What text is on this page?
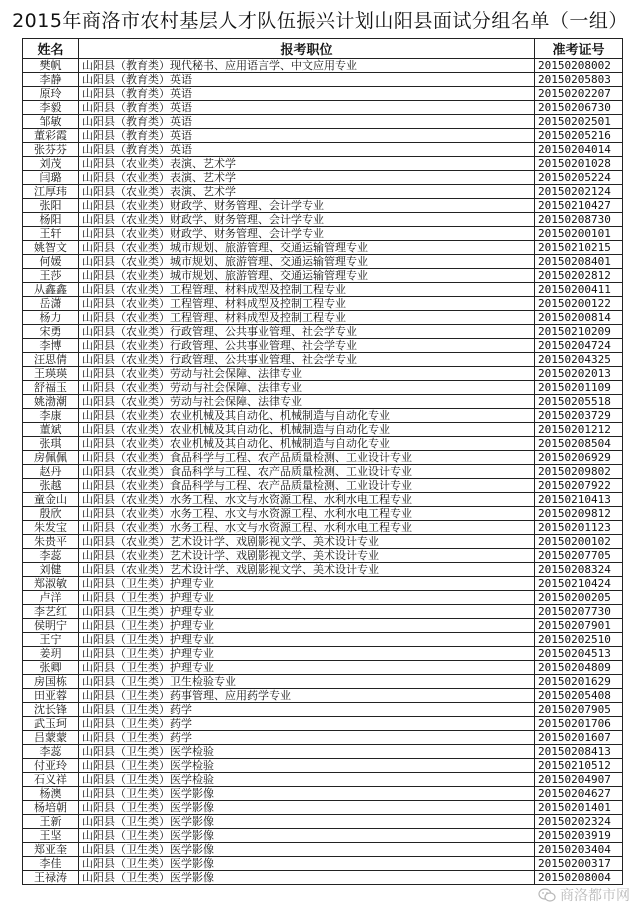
2015年商洛市农村基层人才队伍振兴计划山阳县面试分组名单（一组）
姓名	报考职位	准考证号
樊帆	山阳县（教育类）现代秘书、应用语言学、中文应用专业	20150208002
李静	山阳县（教育类）英语	20150205803
原玲	山阳县（教育类）英语	20150202207
李毅	山阳县（教育类）英语	20150206730
邹敏	山阳县（教育类）英语	20150202501
董彩霞	山阳县（教育类）英语	20150205216
张芬芬	山阳县（教育类）英语	20150204014
刘茂	山阳县（农业类）表演、艺术学	20150201028
闫璐	山阳县（农业类）表演、艺术学	20150205224
江厚玮	山阳县（农业类）表演、艺术学	20150202124
张阳	山阳县（农业类）财政学、财务管理、会计学专业	20150210427
杨阳	山阳县（农业类）财政学、财务管理、会计学专业	20150208730
王轩	山阳县（农业类）财政学、财务管理、会计学专业	20150200101
姚智文	山阳县（农业类）城市规划、旅游管理、交通运输管理专业	20150210215
何媛	山阳县（农业类）城市规划、旅游管理、交通运输管理专业	20150208401
王莎	山阳县（农业类）城市规划、旅游管理、交通运输管理专业	20150202812
从鑫鑫	山阳县（农业类）工程管理、材料成型及控制工程专业	20150200411
岳潇	山阳县（农业类）工程管理、材料成型及控制工程专业	20150200122
杨力	山阳县（农业类）工程管理、材料成型及控制工程专业	20150200814
宋勇	山阳县（农业类）行政管理、公共事业管理、社会学专业	20150210209
李博	山阳县（农业类）行政管理、公共事业管理、社会学专业	20150204724
汪思倩	山阳县（农业类）行政管理、公共事业管理、社会学专业	20150204325
王瑛瑛	山阳县（农业类）劳动与社会保障、法律专业	20150202013
舒福玉	山阳县（农业类）劳动与社会保障、法律专业	20150201109
姚渤潮	山阳县（农业类）劳动与社会保障、法律专业	20150205518
李康	山阳县（农业类）农业机械及其自动化、机械制造与自动化专业	20150203729
董斌	山阳县（农业类）农业机械及其自动化、机械制造与自动化专业	20150201212
张琪	山阳县（农业类）农业机械及其自动化、机械制造与自动化专业	20150208504
房佩佩	山阳县（农业类）食品科学与工程、农产品质量检测、工业设计专业	20150206929
赵丹	山阳县（农业类）食品科学与工程、农产品质量检测、工业设计专业	20150209802
张越	山阳县（农业类）食品科学与工程、农产品质量检测、工业设计专业	20150207922
童金山	山阳县（农业类）水务工程、水文与水资源工程、水利水电工程专业	20150210413
殷欣	山阳县（农业类）水务工程、水文与水资源工程、水利水电工程专业	20150209812
朱发宝	山阳县（农业类）水务工程、水文与水资源工程、水利水电工程专业	20150201123
朱贵平	山阳县（农业类）艺术设计学、戏剧影视文学、美术设计专业	20150200102
李蕊	山阳县（农业类）艺术设计学、戏剧影视文学、美术设计专业	20150207705
刘健	山阳县（农业类）艺术设计学、戏剧影视文学、美术设计专业	20150208324
郑淑敏	山阳县（卫生类）护理专业	20150210424
卢洋	山阳县（卫生类）护理专业	20150200205
李艺红	山阳县（卫生类）护理专业	20150207730
侯明宁	山阳县（卫生类）护理专业	20150207901
王宁	山阳县（卫生类）护理专业	20150202510
姜玥	山阳县（卫生类）护理专业	20150204513
张卿	山阳县（卫生类）护理专业	20150204809
房国栋	山阳县（卫生类）卫生检验专业	20150201629
田亚蓉	山阳县（卫生类）药事管理、应用药学专业	20150205408
沈长锋	山阳县（卫生类）药学	20150207905
武玉珂	山阳县（卫生类）药学	20150201706
吕蒙蒙	山阳县（卫生类）药学	20150201607
李蕊	山阳县（卫生类）医学检验	20150208413
付亚玲	山阳县（卫生类）医学检验	20150210512
石义祥	山阳县（卫生类）医学检验	20150204907
杨澳	山阳县（卫生类）医学影像	20150204627
杨培朝	山阳县（卫生类）医学影像	20150201401
王新	山阳县（卫生类）医学影像	20150202324
王坚	山阳县（卫生类）医学影像	20150203919
郑亚奎	山阳县（卫生类）医学影像	20150203404
李佳	山阳县（卫生类）医学影像	20150200317
王禄涛	山阳县（卫生类）医学影像	20150208004
商洛都市网
